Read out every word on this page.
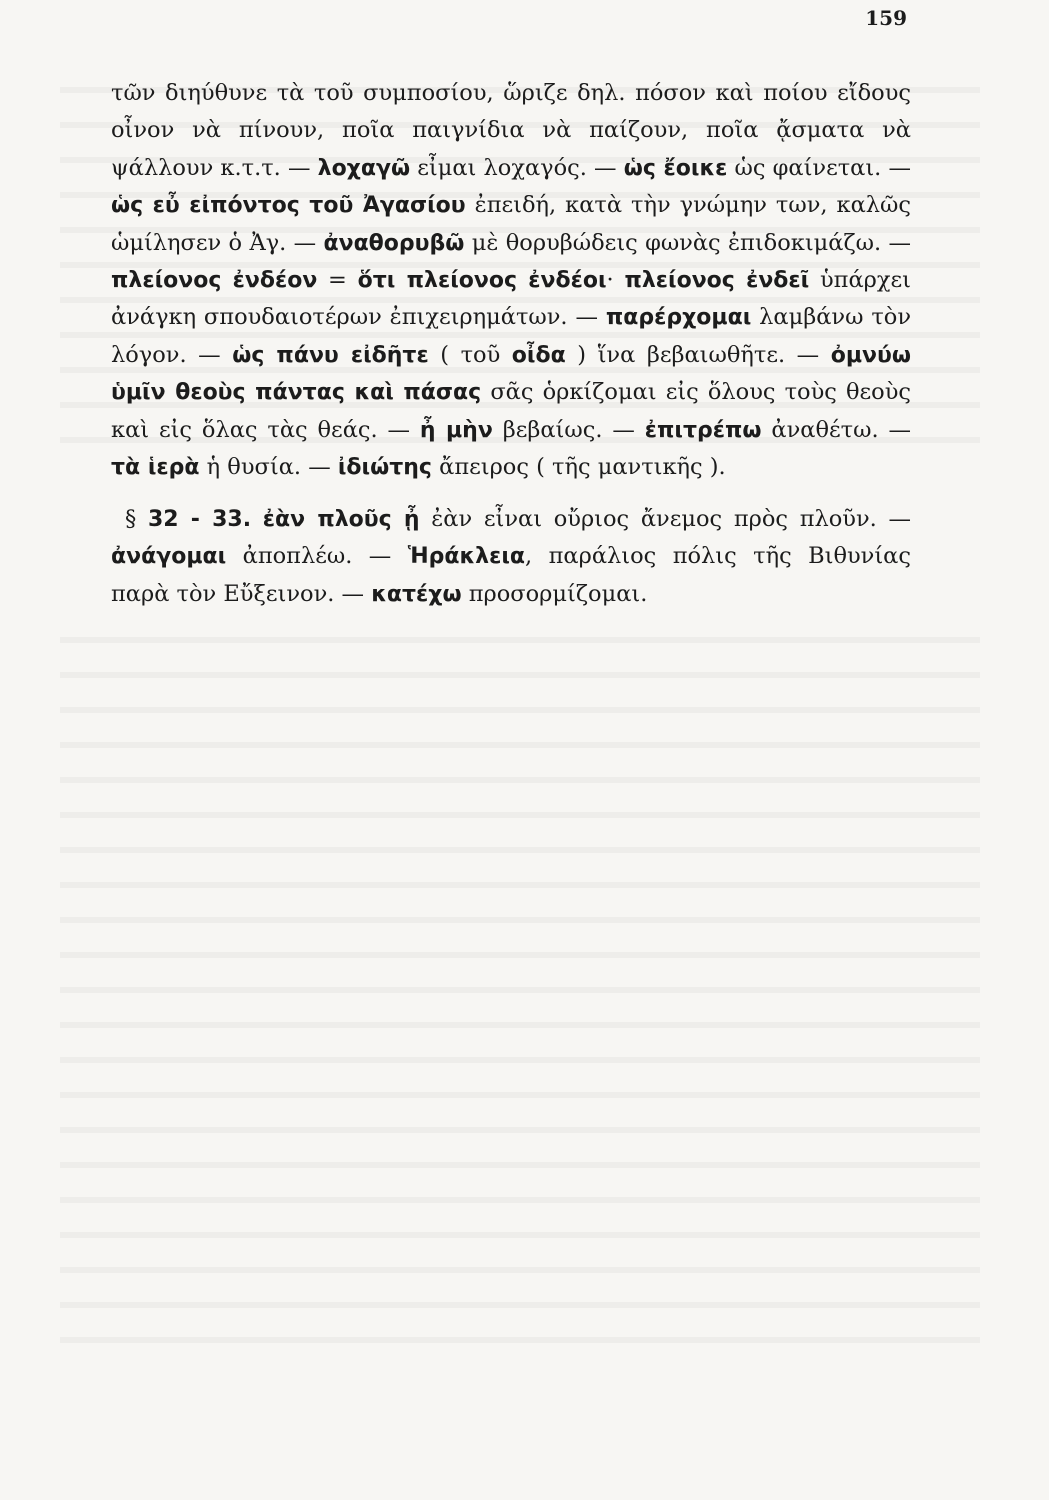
159
τῶν διηύθυνε τὰ τοῦ συμποσίου, ὥριζε δηλ. πόσον καὶ ποίου εἴδους οἶνον νὰ πίνουν, ποῖα παιγνίδια νὰ παίζουν, ποῖα ᾄσματα νὰ ψάλλουν κ.τ.τ. — λοχαγῶ εἶμαι λοχαγός. — ὡς ἔοικε ὡς φαίνεται. — ὡς εὖ εἰπόντος τοῦ Ἀγασίου ἐπειδή, κατὰ τὴν γνώμην των, καλῶς ὡμίλησεν ὁ Ἀγ. — ἀναθορυβῶ μὲ θορυβώδεις φωνὰς ἐπιδοκιμάζω. — πλείονος ἐνδέον = ὅτι πλείονος ἐνδέοι· πλείονος ἐνδεῖ ὑπάρχει ἀνάγκη σπουδαιοτέρων ἐπιχειρημάτων. — παρέρχομαι λαμβάνω τὸν λόγον. — ὡς πάνυ εἰδῆτε ( τοῦ οἶδα ) ἵνα βεβαιωθῆτε. — ὀμνύω ὑμῖν θεοὺς πάντας καὶ πάσας σᾶς ὁρκίζομαι εἰς ὅλους τοὺς θεοὺς καὶ εἰς ὅλας τὰς θεάς. — ἦ μὴν βεβαίως. — ἐπιτρέπω ἀναθέτω. — τὰ ἱερὰ ἡ θυσία. — ἰδιώτης ἄπειρος ( τῆς μαντικῆς ).
§ 32 - 33. ἐὰν πλοῦς ᾖ ἐὰν εἶναι οὔριος ἄνεμος πρὸς πλοῦν. — ἀνάγομαι ἀποπλέω. — Ἡράκλεια, παράλιος πόλις τῆς Βιθυνίας παρὰ τὸν Εὔξεινον. — κατέχω προσορμίζομαι.
